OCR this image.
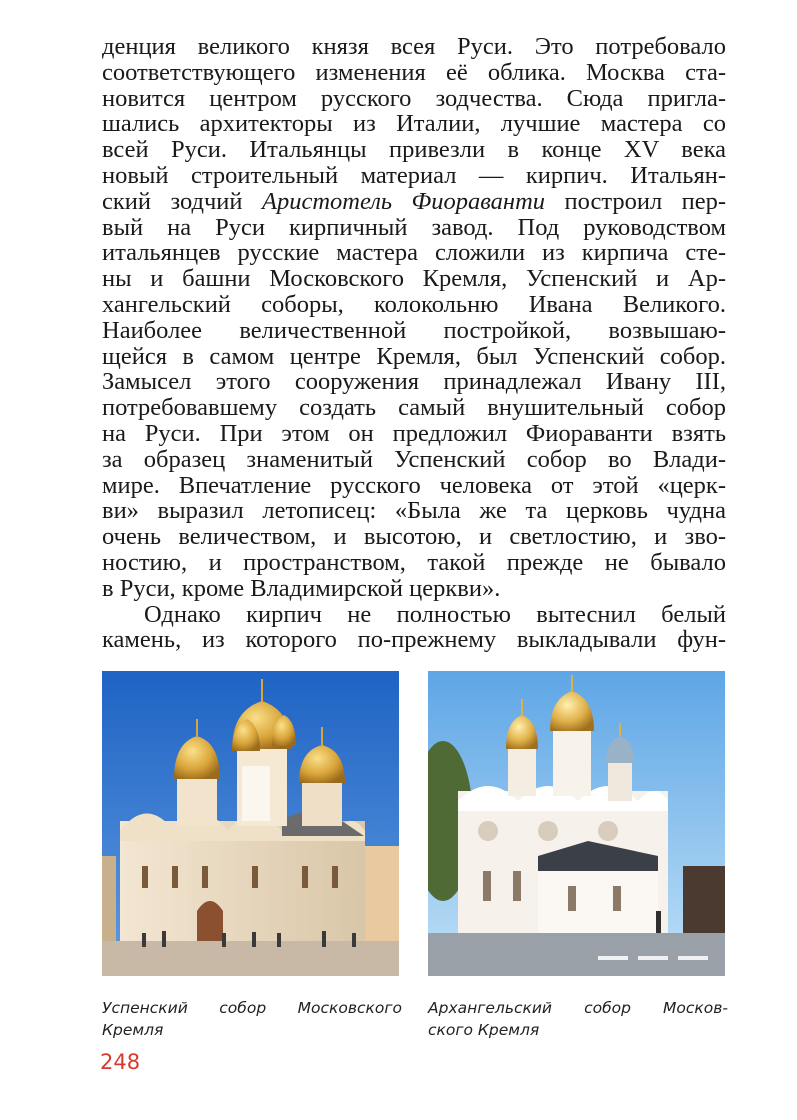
денция великого князя всея Руси. Это потребовало
соответствующего изменения её облика. Москва ста-
новится центром русского зодчества. Сюда пригла-
шались архитекторы из Италии, лучшие мастера со
всей Руси. Итальянцы привезли в конце XV века
новый строительный материал — кирпич. Итальян-
ский зодчий Аристотель Фиораванти построил пер-
вый на Руси кирпичный завод. Под руководством
итальянцев русские мастера сложили из кирпича сте-
ны и башни Московского Кремля, Успенский и Ар-
хангельский соборы, колокольню Ивана Великого.
Наиболее величественной постройкой, возвышаю-
щейся в самом центре Кремля, был Успенский собор.
Замысел этого сооружения принадлежал Ивану III,
потребовавшему создать самый внушительный собор
на Руси. При этом он предложил Фиораванти взять
за образец знаменитый Успенский собор во Влади-
мире. Впечатление русского человека от этой «церк-
ви» выразил летописец: «Была же та церковь чудна
очень величеством, и высотою, и светлостию, и зво-
ностию, и пространством, такой прежде не бывало
в Руси, кроме Владимирской церкви».
Однако кирпич не полностью вытеснил белый
камень, из которого по-прежнему выкладывали фун-
Успенский собор Московского
Кремля
Архангельский собор Москов-
ского Кремля
248
